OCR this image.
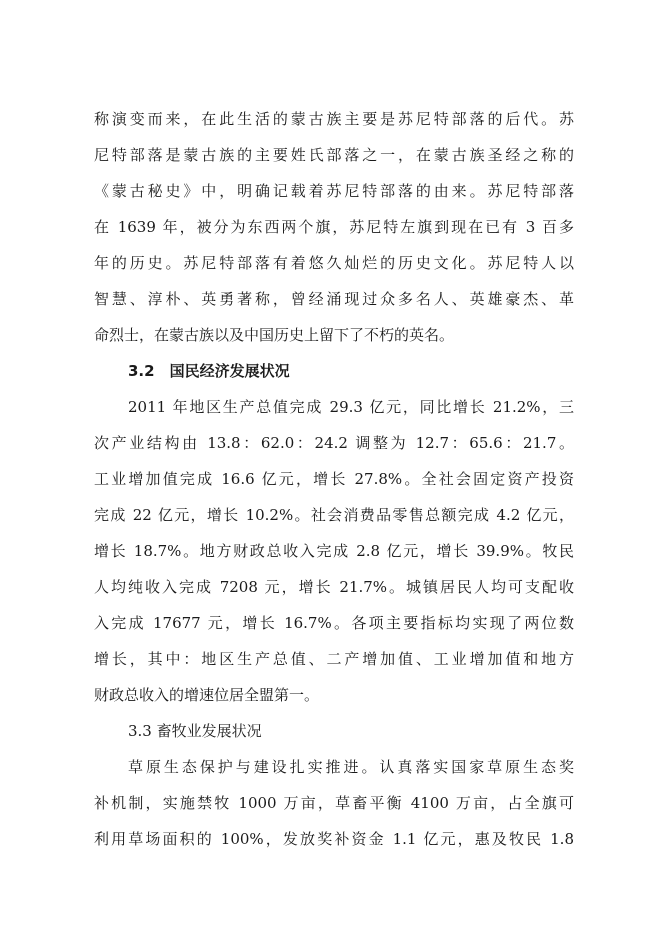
称演变而来，在此生活的蒙古族主要是苏尼特部落的后代。苏
尼特部落是蒙古族的主要姓氏部落之一，在蒙古族圣经之称的
《蒙古秘史》中，明确记载着苏尼特部落的由来。苏尼特部落
在 1639 年，被分为东西两个旗，苏尼特左旗到现在已有 3 百多
年的历史。苏尼特部落有着悠久灿烂的历史文化。苏尼特人以
智慧、淳朴、英勇著称，曾经涌现过众多名人、英雄豪杰、革
命烈士，在蒙古族以及中国历史上留下了不朽的英名。
3.2　国民经济发展状况
2011 年地区生产总值完成 29.3 亿元，同比增长 21.2%，三
次产业结构由 13.8：62.0：24.2 调整为 12.7：65.6：21.7。
工业增加值完成 16.6 亿元，增长 27.8%。全社会固定资产投资
完成 22 亿元，增长 10.2%。社会消费品零售总额完成 4.2 亿元，
增长 18.7%。地方财政总收入完成 2.8 亿元，增长 39.9%。牧民
人均纯收入完成 7208 元，增长 21.7%。城镇居民人均可支配收
入完成 17677 元，增长 16.7%。各项主要指标均实现了两位数
增长，其中：地区生产总值、二产增加值、工业增加值和地方
财政总收入的增速位居全盟第一。
3.3 畜牧业发展状况
草原生态保护与建设扎实推进。认真落实国家草原生态奖
补机制，实施禁牧 1000 万亩，草畜平衡 4100 万亩，占全旗可
利用草场面积的 100%，发放奖补资金 1.1 亿元，惠及牧民 1.8
